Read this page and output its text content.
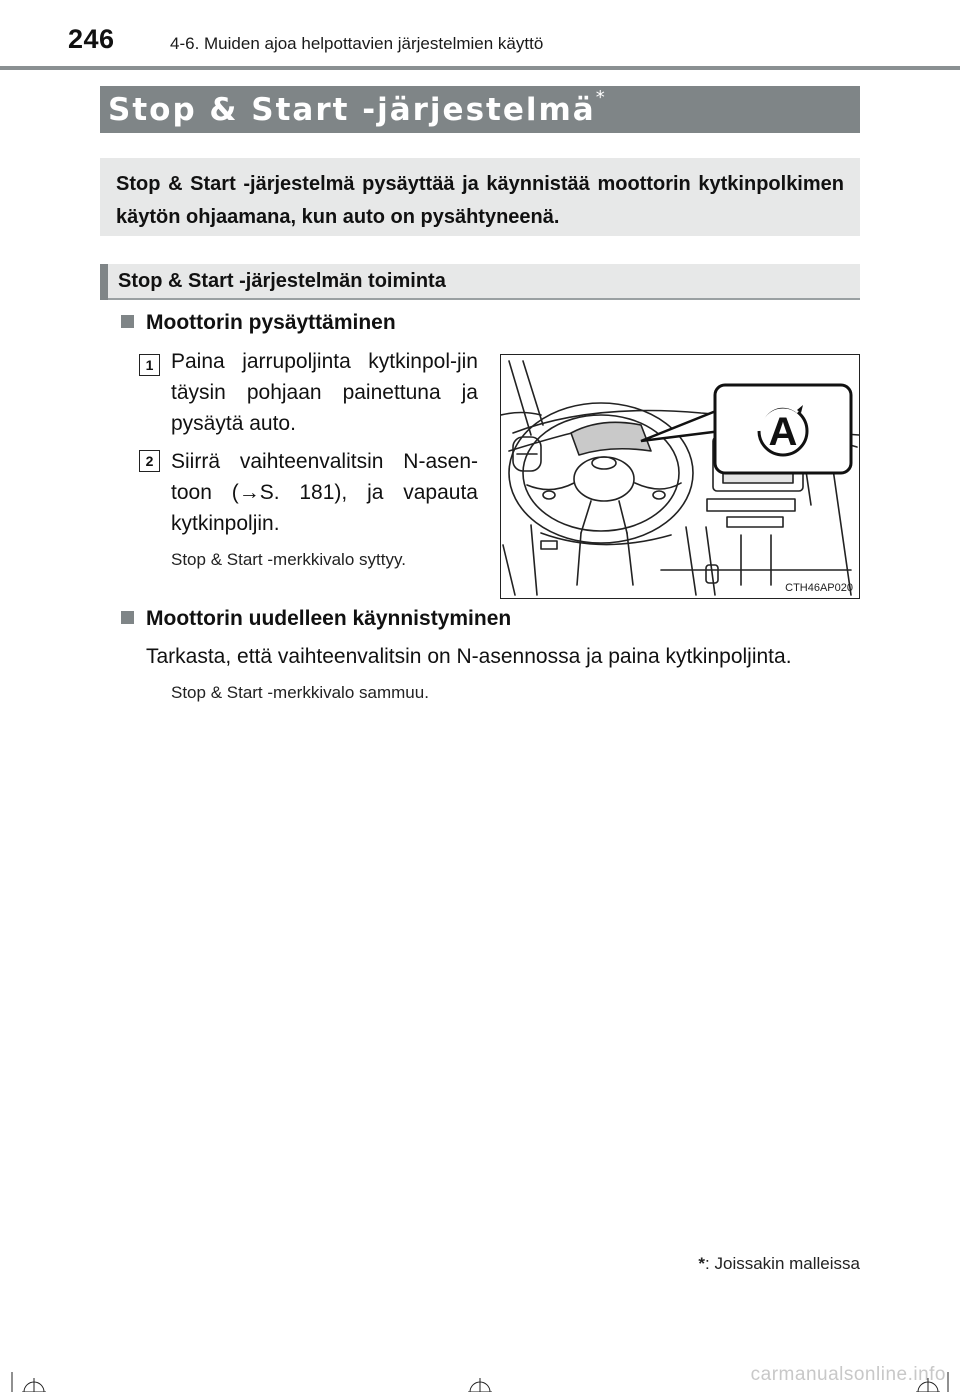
246	4-6. Muiden ajoa helpottavien järjestelmien käyttö
Stop & Start -järjestelmä*
Stop & Start -järjestelmä pysäyttää ja käynnistää moottorin kytkinpolkimen käytön ohjaamana, kun auto on pysähtyneenä.
Stop & Start -järjestelmän toiminta
Moottorin pysäyttäminen
1 Paina jarrupoljinta kytkinpol-jin täysin pohjaan painettuna ja pysäytä auto.
2 Siirrä vaihteenvalitsin N-asen-toon (→S. 181), ja vapauta kytkinpoljin.
Stop & Start -merkkivalo syttyy.
A
CTH46AP020
Moottorin uudelleen käynnistyminen
Tarkasta, että vaihteenvalitsin on N-asennossa ja paina kytkinpoljinta.
Stop & Start -merkkivalo sammuu.
*: Joissakin malleissa
carmanualsonline.info
